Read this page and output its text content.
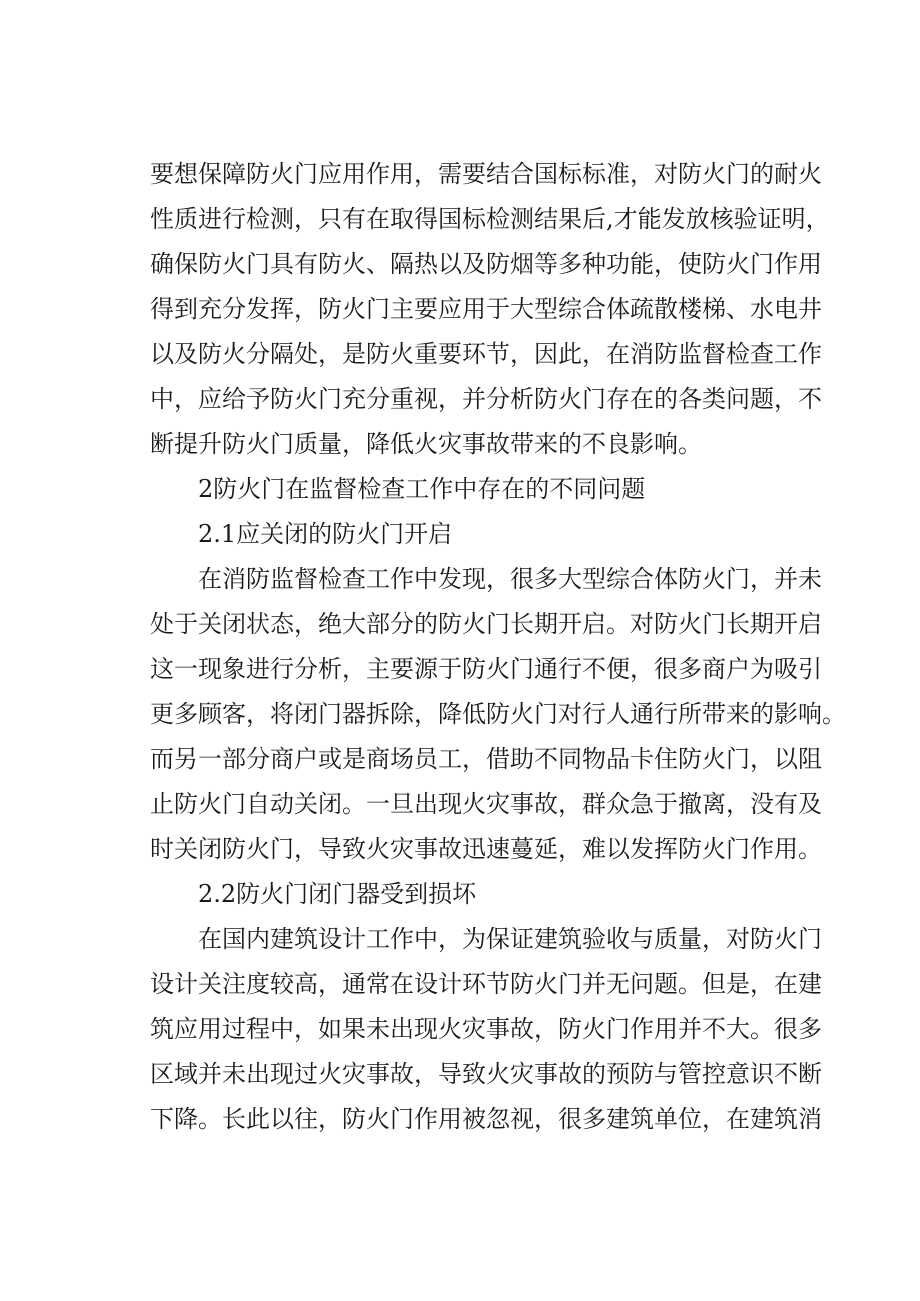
要想保障防火门应用作用，需要结合国标标准，对防火门的耐火
性质进行检测，只有在取得国标检测结果后,才能发放核验证明，
确保防火门具有防火、隔热以及防烟等多种功能，使防火门作用
得到充分发挥，防火门主要应用于大型综合体疏散楼梯、水电井
以及防火分隔处，是防火重要环节，因此，在消防监督检查工作
中，应给予防火门充分重视，并分析防火门存在的各类问题，不
断提升防火门质量，降低火灾事故带来的不良影响。
2防火门在监督检查工作中存在的不同问题
2.1应关闭的防火门开启
在消防监督检查工作中发现，很多大型综合体防火门，并未
处于关闭状态，绝大部分的防火门长期开启。对防火门长期开启
这一现象进行分析，主要源于防火门通行不便，很多商户为吸引
更多顾客，将闭门器拆除，降低防火门对行人通行所带来的影响。
而另一部分商户或是商场员工，借助不同物品卡住防火门，以阻
止防火门自动关闭。一旦出现火灾事故，群众急于撤离，没有及
时关闭防火门，导致火灾事故迅速蔓延，难以发挥防火门作用。
2.2防火门闭门器受到损坏
在国内建筑设计工作中，为保证建筑验收与质量，对防火门
设计关注度较高，通常在设计环节防火门并无问题。但是，在建
筑应用过程中，如果未出现火灾事故，防火门作用并不大。很多
区域并未出现过火灾事故，导致火灾事故的预防与管控意识不断
下降。长此以往，防火门作用被忽视，很多建筑单位，在建筑消
